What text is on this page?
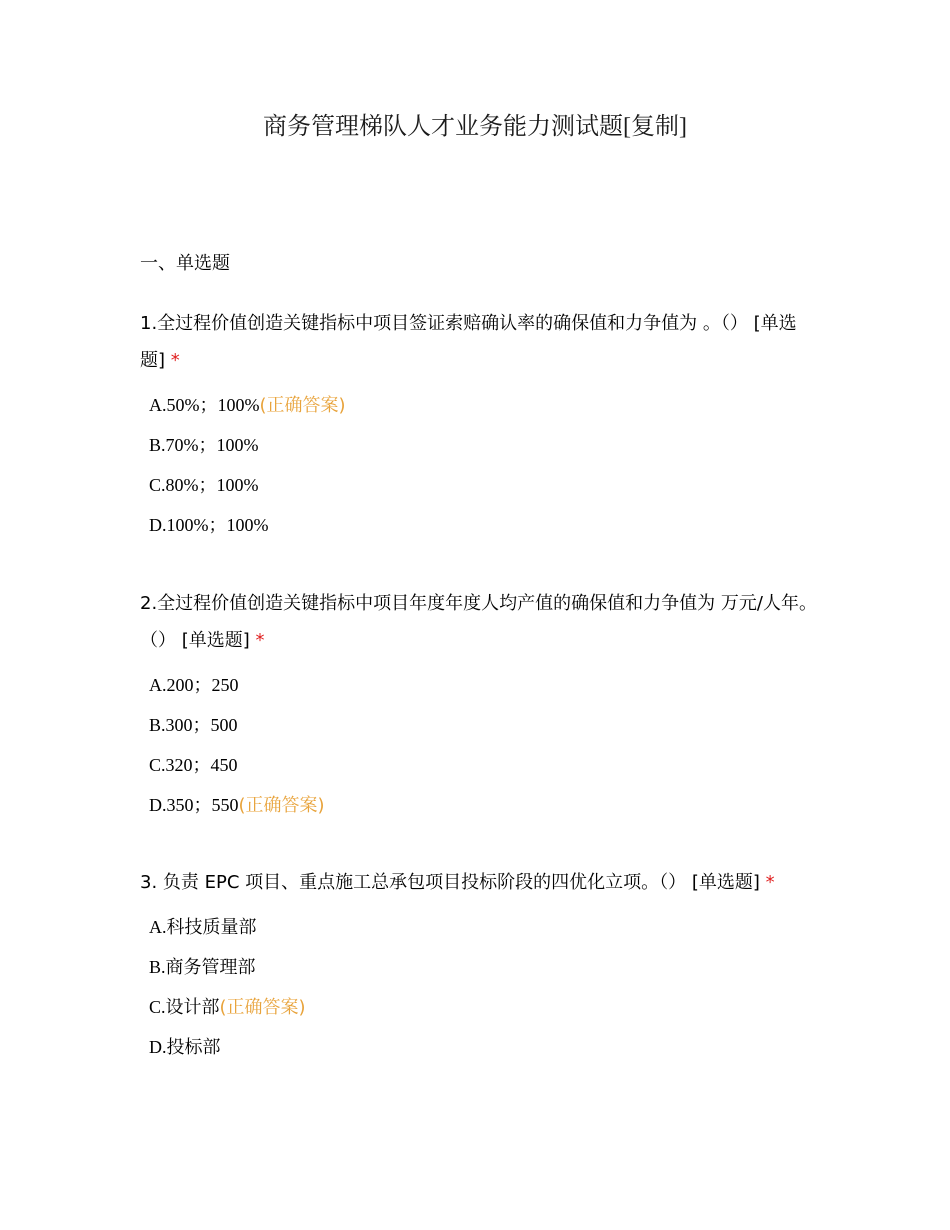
商务管理梯队人才业务能力测试题[复制]
一、单选题
1.全过程价值创造关键指标中项目签证索赔确认率的确保值和力争值为 。（） [单选题] *
A.50%；100%(正确答案)
B.70%；100%
C.80%；100%
D.100%；100%
2.全过程价值创造关键指标中项目年度年度人均产值的确保值和力争值为 万元/人年。（） [单选题] *
A.200；250
B.300；500
C.320；450
D.350；550(正确答案)
3. 负责 EPC 项目、重点施工总承包项目投标阶段的四优化立项。（） [单选题] *
A.科技质量部
B.商务管理部
C.设计部(正确答案)
D.投标部
